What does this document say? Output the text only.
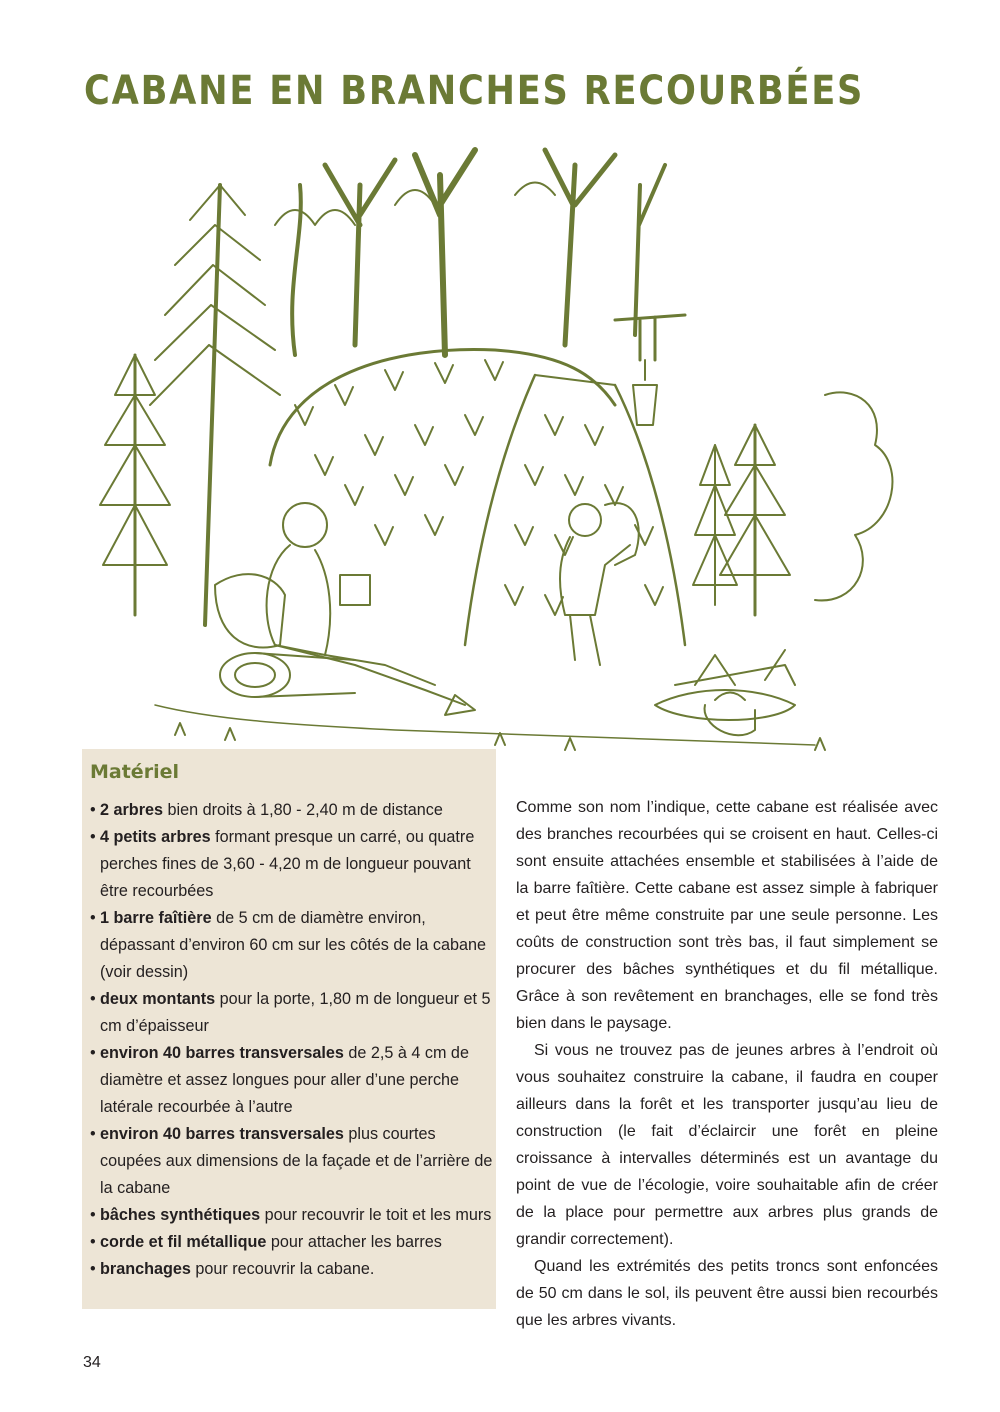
CABANE EN BRANCHES RECOURBÉES
Matériel
• 2 arbres bien droits à 1,80 - 2,40 m de distance
• 4 petits arbres formant presque un carré, ou quatre perches fines de 3,60 - 4,20 m de longueur pouvant être recourbées
• 1 barre faîtière de 5 cm de diamètre environ, dépassant d’environ 60 cm sur les côtés de la cabane (voir dessin)
• deux montants pour la porte, 1,80 m de longueur et 5 cm d’épaisseur
• environ 40 barres transversales de 2,5 à 4 cm de diamètre et assez longues pour aller d’une perche latérale recourbée à l’autre
• environ 40 barres transversales plus courtes coupées aux dimensions de la façade et de l’arrière de la cabane
• bâches synthétiques pour recouvrir le toit et les murs
• corde et fil métallique pour attacher les barres
• branchages pour recouvrir la cabane.

Comme son nom l’indique, cette cabane est réalisée avec des branches recourbées qui se croisent en haut. Celles-ci sont ensuite attachées ensemble et stabilisées à l’aide de la barre faîtière. Cette cabane est assez simple à fabriquer et peut être même construite par une seule personne. Les coûts de construction sont très bas, il faut simplement se procurer des bâches synthétiques et du fil métallique. Grâce à son revêtement en branchages, elle se fond très bien dans le paysage.

Si vous ne trouvez pas de jeunes arbres à l’endroit où vous souhaitez construire la cabane, il faudra en couper ailleurs dans la forêt et les transporter jusqu’au lieu de construction (le fait d’éclaircir une forêt en pleine croissance à intervalles déterminés est un avantage du point de vue de l’écologie, voire souhaitable afin de créer de la place pour permettre aux arbres plus grands de grandir correctement).

Quand les extrémités des petits troncs sont enfoncées de 50 cm dans le sol, ils peuvent être aussi bien recourbés que les arbres vivants.

34
